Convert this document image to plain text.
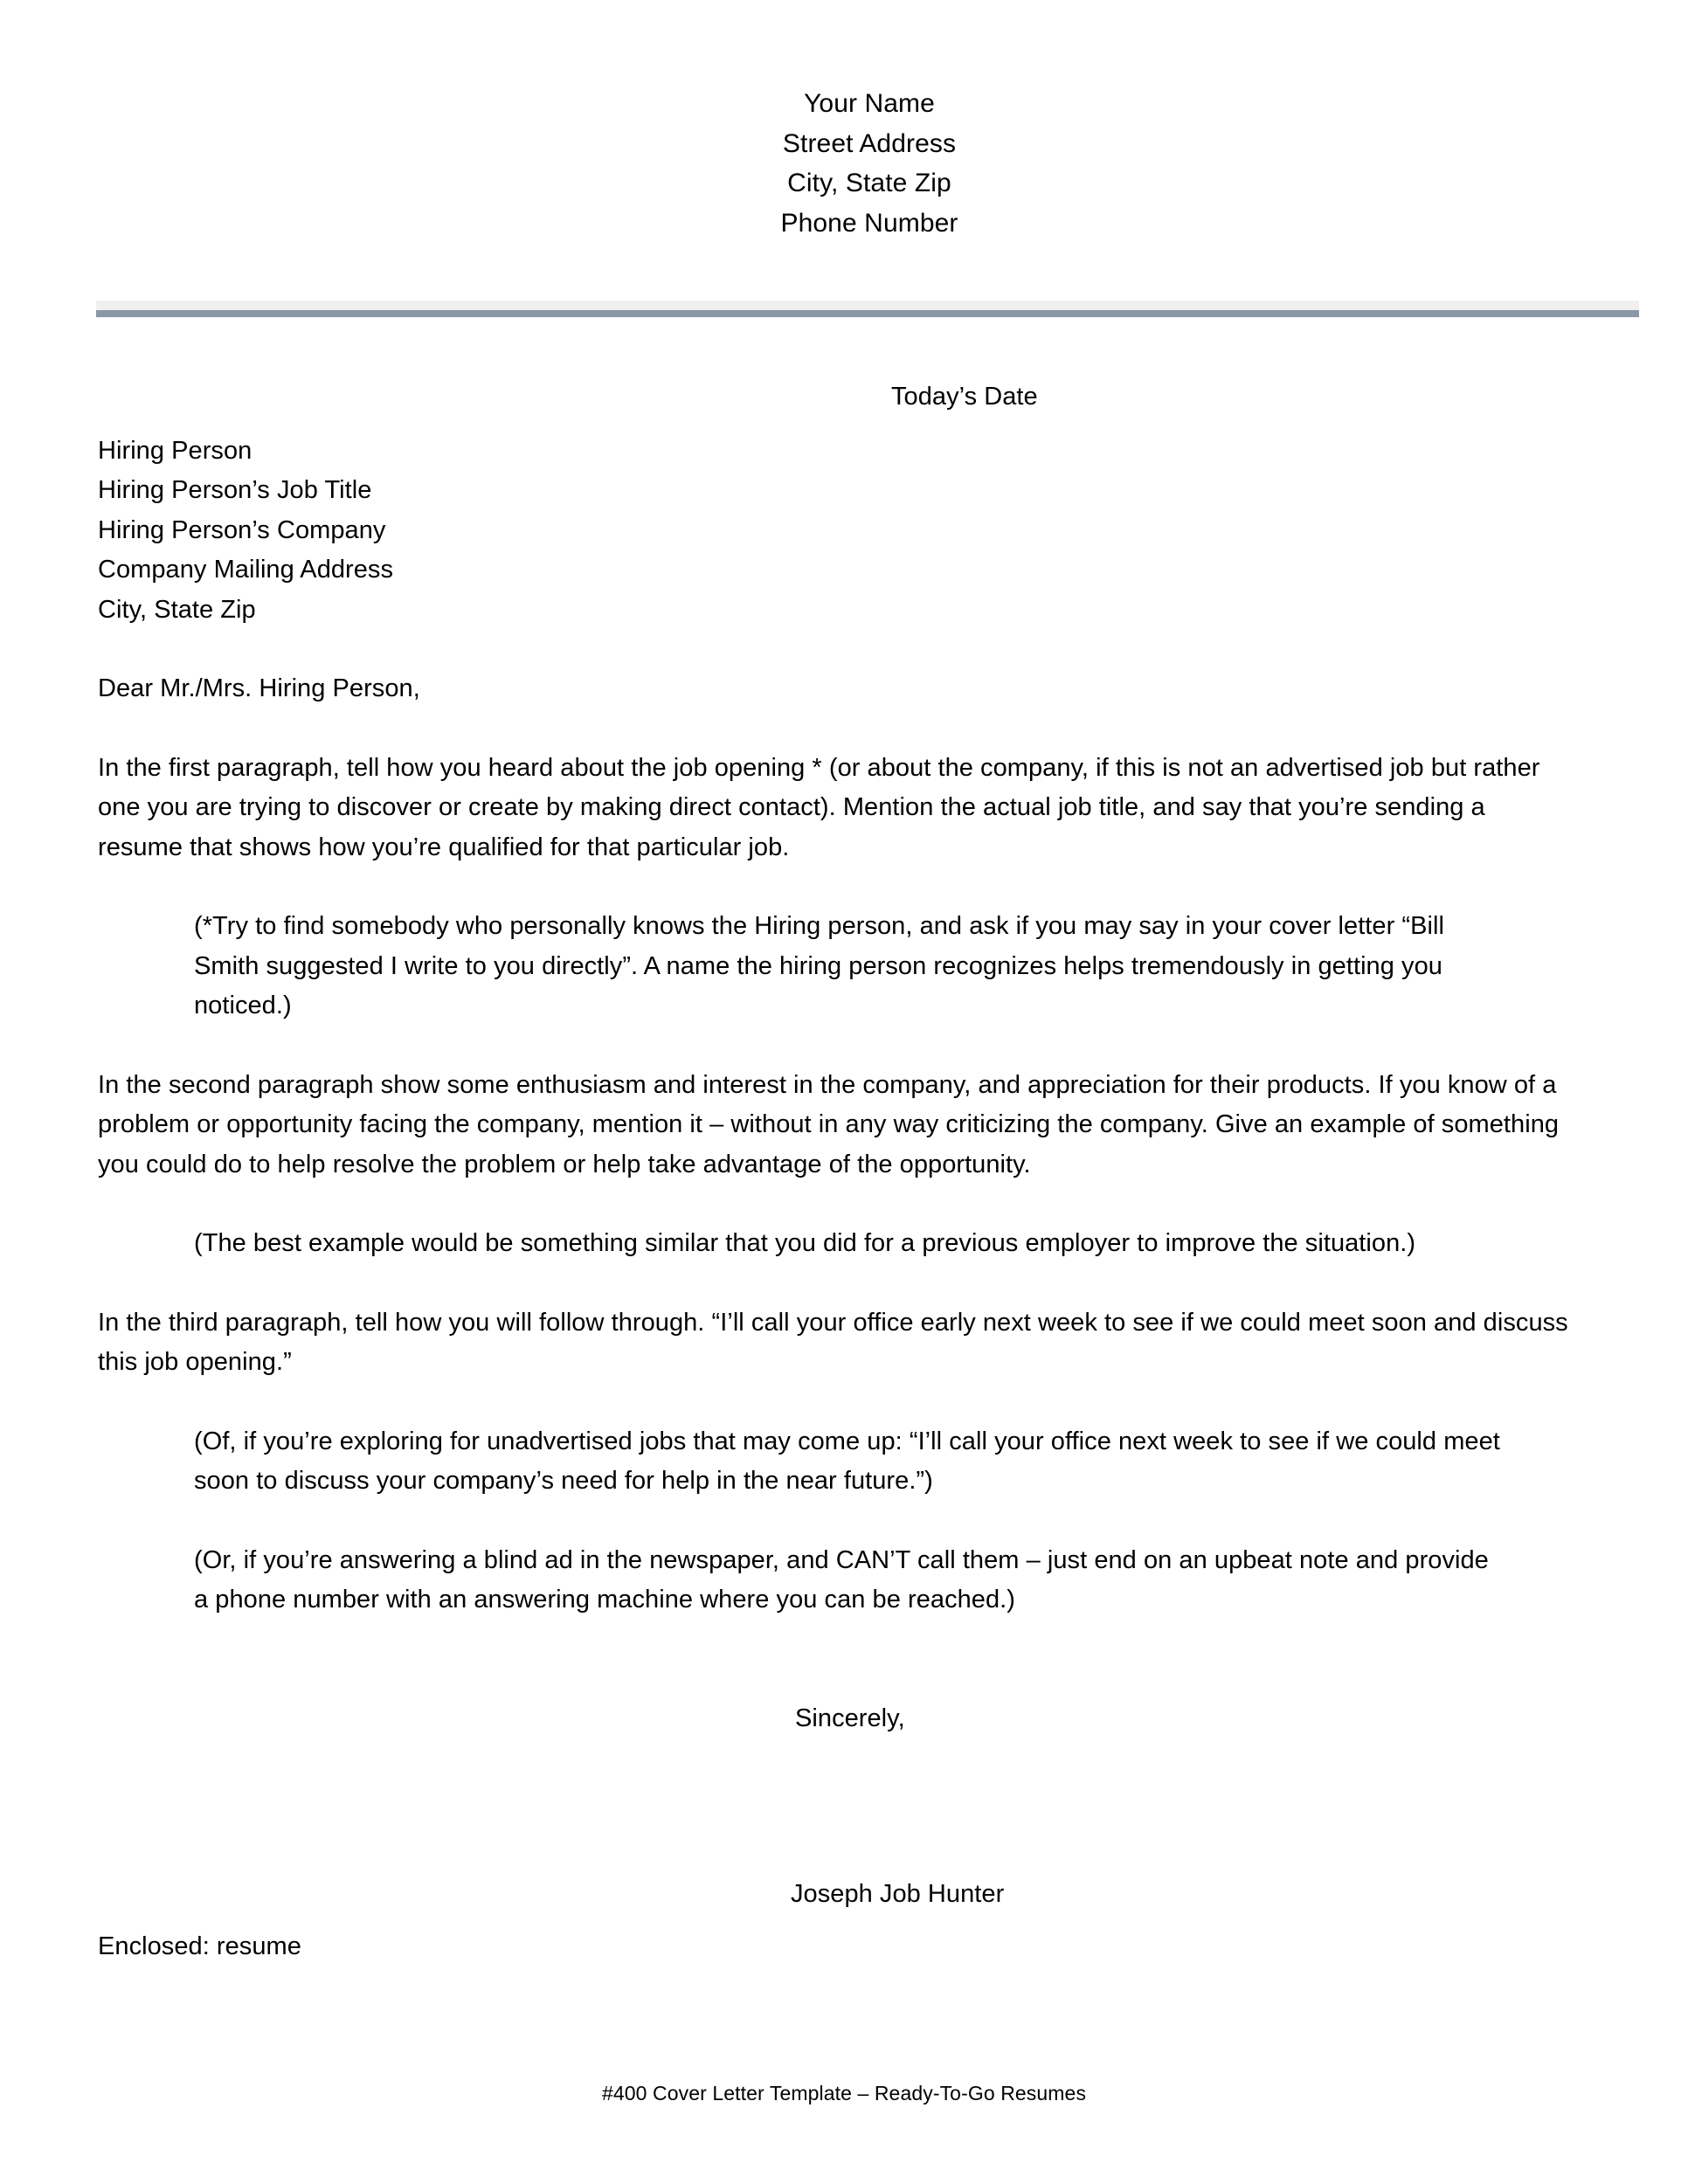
Your Name
Street Address
City, State Zip
Phone Number
Today’s Date
Hiring Person
Hiring Person’s Job Title
Hiring Person’s Company
Company Mailing Address
City, State Zip
Dear Mr./Mrs. Hiring Person,
In the first paragraph, tell how you heard about the job opening * (or about the company, if this is not an advertised job but rather one you are trying to discover or create by making direct contact). Mention the actual job title, and say that you’re sending a resume that shows how you’re qualified for that particular job.
(*Try to find somebody who personally knows the Hiring person, and ask if you may say in your cover letter “Bill Smith suggested I write to you directly”. A name the hiring person recognizes helps tremendously in getting you noticed.)
In the second paragraph show some enthusiasm and interest in the company, and appreciation for their products. If you know of a problem or opportunity facing the company, mention it – without in any way criticizing the company. Give an example of something you could do to help resolve the problem or help take advantage of the opportunity.
(The best example would be something similar that you did for a previous employer to improve the situation.)
In the third paragraph, tell how you will follow through. “I’ll call your office early next week to see if we could meet soon and discuss this job opening.”
(Of, if you’re exploring for unadvertised jobs that may come up: “I’ll call your office next week to see if we could meet soon to discuss your company’s need for help in the near future.”)
(Or, if you’re answering a blind ad in the newspaper, and CAN’T call them – just end on an upbeat note and provide a phone number with an answering machine where you can be reached.)
Sincerely,
Joseph Job Hunter
Enclosed: resume
#400 Cover Letter Template – Ready-To-Go Resumes
